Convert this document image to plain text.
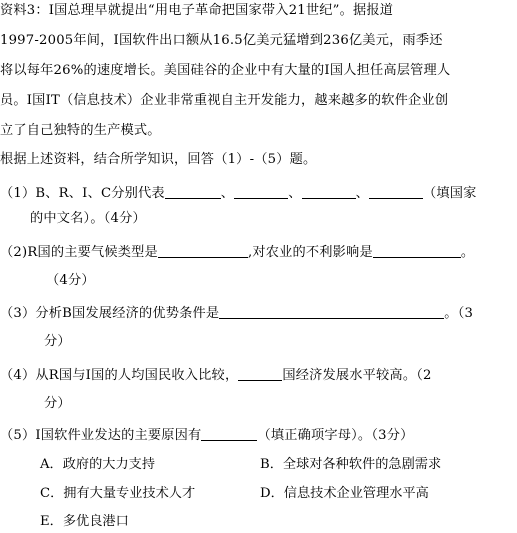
资料3：I国总理早就提出“用电子革命把国家带入21世纪”。据报道
1997-2005年间，I国软件出口额从16.5亿美元猛增到236亿美元，雨季还
将以每年26%的速度增长。美国硅谷的企业中有大量的I国人担任高层管理人
员。I国IT（信息技术）企业非常重视自主开发能力，越来越多的软件企业创
立了自己独特的生产模式。
根据上述资料，结合所学知识，回答（1）-（5）题。
（1）B、R、I、C分别代表	、	、	、	（填国家
的中文名）。（4分）
（2)R国的主要气候类型是	,对农业的不利影响是	。
（4分）
（3）分析B国发展经济的优势条件是	。（3
分）
（4）从R国与I国的人均国民收入比较，	国经济发展水平较高。（2
分）
（5）I国软件业发达的主要原因有	（填正确项字母）。（3分）
A．政府的大力支持	B．全球对各种软件的急剧需求
C．拥有大量专业技术人才	D．信息技术企业管理水平高
E．多优良港口
